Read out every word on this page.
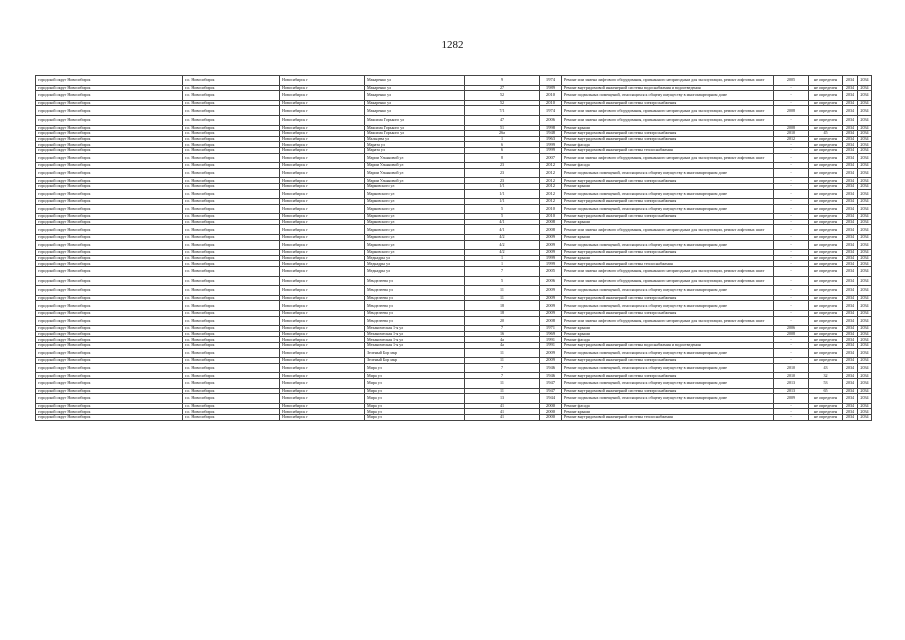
1282
городской округ Новосибирск	г.о. Новосибирск	Новосибирск г	Макаренко ул	9	1974	Ремонт или замена лифтового оборудования, признанного непригодным для эксплуатации, ремонт лифтовых шахт	2005	не определен	2034	2034
городской округ Новосибирск	г.о. Новосибирск	Новосибирск г	Макаренко ул	27	1989	Ремонт внутридомовой инженерной системы водоснабжения и водоотведения	-	не определен	2034	2034
городской округ Новосибирск	г.о. Новосибирск	Новосибирск г	Макаренко ул	52	2010	Ремонт подвальных помещений, относящихся к общему имуществу в многоквартирном доме	-	не определен	2034	2034
городской округ Новосибирск	г.о. Новосибирск	Новосибирск г	Макаренко ул	52	2010	Ремонт внутридомовой инженерной системы электроснабжения	-	не определен	2034	2034
городской округ Новосибирск	г.о. Новосибирск	Новосибирск г	Макаренко ул	7/1	1974	Ремонт или замена лифтового оборудования, признанного непригодным для эксплуатации, ремонт лифтовых шахт	2008	не определен	2034	2034
городской округ Новосибирск	г.о. Новосибирск	Новосибирск г	Максима Горького ул	47	2006	Ремонт или замена лифтового оборудования, признанного непригодным для эксплуатации, ремонт лифтовых шахт	-	не определен	2034	2034
городской округ Новосибирск	г.о. Новосибирск	Новосибирск г	Максима Горького ул	51	1998	Ремонт крыши	2008	не определен	2034	2034
городской округ Новосибирск	г.о. Новосибирск	Новосибирск г	Максима Горького ул	26а	1948	Ремонт внутридомовой инженерной системы электроснабжения	2010	45	2034	2034
городской округ Новосибирск	г.о. Новосибирск	Новосибирск г	Мальцева ул	1	1963	Ремонт внутридомовой инженерной системы электроснабжения	2012	не определен	2034	2034
городской округ Новосибирск	г.о. Новосибирск	Новосибирск г	Марата ул	6	1999	Ремонт фасада	-	не определен	2034	2034
городской округ Новосибирск	г.о. Новосибирск	Новосибирск г	Марата ул	6	1999	Ремонт внутридомовой инженерной системы теплоснабжения	-	не определен	2034	2034
городской округ Новосибирск	г.о. Новосибирск	Новосибирск г	Марии Ульяновой ул	8	2007	Ремонт или замена лифтового оборудования, признанного непригодным для эксплуатации, ремонт лифтовых шахт	-	не определен	2034	2034
городской округ Новосибирск	г.о. Новосибирск	Новосибирск г	Марии Ульяновой ул	23	2012	Ремонт фасада	-	не определен	2034	2034
городской округ Новосибирск	г.о. Новосибирск	Новосибирск г	Марии Ульяновой ул	23	2012	Ремонт подвальных помещений, относящихся к общему имуществу в многоквартирном доме	-	не определен	2034	2034
городской округ Новосибирск	г.о. Новосибирск	Новосибирск г	Марии Ульяновой ул	23	2012	Ремонт внутридомовой инженерной системы электроснабжения	-	не определен	2034	2034
городской округ Новосибирск	г.о. Новосибирск	Новосибирск г	Марковского ул	1/1	2012	Ремонт крыши	-	не определен	2034	2034
городской округ Новосибирск	г.о. Новосибирск	Новосибирск г	Марковского ул	1/1	2012	Ремонт подвальных помещений, относящихся к общему имуществу в многоквартирном доме	-	не определен	2034	2034
городской округ Новосибирск	г.о. Новосибирск	Новосибирск г	Марковского ул	1/1	2012	Ремонт внутридомовой инженерной системы электроснабжения	-	не определен	2034	2034
городской округ Новосибирск	г.о. Новосибирск	Новосибирск г	Марковского ул	5	2010	Ремонт подвальных помещений, относящихся к общему имуществу в многоквартирном доме	-	не определен	2034	2034
городской округ Новосибирск	г.о. Новосибирск	Новосибирск г	Марковского ул	5	2010	Ремонт внутридомовой инженерной системы электроснабжения	-	не определен	2034	2034
городской округ Новосибирск	г.о. Новосибирск	Новосибирск г	Марковского ул	4/1	2008	Ремонт крыши	-	не определен	2034	2034
городской округ Новосибирск	г.о. Новосибирск	Новосибирск г	Марковского ул	4/1	2008	Ремонт или замена лифтового оборудования, признанного непригодным для эксплуатации, ремонт лифтовых шахт	-	не определен	2034	2034
городской округ Новосибирск	г.о. Новосибирск	Новосибирск г	Марковского ул	4/2	2009	Ремонт крыши	-	не определен	2034	2034
городской округ Новосибирск	г.о. Новосибирск	Новосибирск г	Марковского ул	4/2	2009	Ремонт подвальных помещений, относящихся к общему имуществу в многоквартирном доме	-	не определен	2034	2034
городской округ Новосибирск	г.о. Новосибирск	Новосибирск г	Марковского ул	4/2	2009	Ремонт внутридомовой инженерной системы электроснабжения	-	не определен	2034	2034
городской округ Новосибирск	г.о. Новосибирск	Новосибирск г	Медкадры ул	1	1999	Ремонт крыши	-	не определен	2034	2034
городской округ Новосибирск	г.о. Новосибирск	Новосибирск г	Медкадры ул	1	1999	Ремонт внутридомовой инженерной системы теплоснабжения	-	не определен	2034	2034
городской округ Новосибирск	г.о. Новосибирск	Новосибирск г	Медкадры ул	7	2005	Ремонт или замена лифтового оборудования, признанного непригодным для эксплуатации, ремонт лифтовых шахт	-	не определен	2034	2034
городской округ Новосибирск	г.о. Новосибирск	Новосибирск г	Менделеева ул	5	2006	Ремонт или замена лифтового оборудования, признанного непригодным для эксплуатации, ремонт лифтовых шахт	-	не определен	2034	2034
городской округ Новосибирск	г.о. Новосибирск	Новосибирск г	Менделеева ул	11	2009	Ремонт подвальных помещений, относящихся к общему имуществу в многоквартирном доме	-	не определен	2034	2034
городской округ Новосибирск	г.о. Новосибирск	Новосибирск г	Менделеева ул	11	2009	Ремонт внутридомовой инженерной системы электроснабжения	-	не определен	2034	2034
городской округ Новосибирск	г.о. Новосибирск	Новосибирск г	Менделеева ул	18	2009	Ремонт подвальных помещений, относящихся к общему имуществу в многоквартирном доме	-	не определен	2034	2034
городской округ Новосибирск	г.о. Новосибирск	Новосибирск г	Менделеева ул	18	2009	Ремонт внутридомовой инженерной системы электроснабжения	-	не определен	2034	2034
городской округ Новосибирск	г.о. Новосибирск	Новосибирск г	Менделеева ул	20	2008	Ремонт или замена лифтового оборудования, признанного непригодным для эксплуатации, ремонт лифтовых шахт	-	не определен	2034	2034
городской округ Новосибирск	г.о. Новосибирск	Новосибирск г	Механическая 1-я ул	7	1971	Ремонт крыши	2006	не определен	2034	2034
городской округ Новосибирск	г.о. Новосибирск	Новосибирск г	Механическая 1-я ул	16	1969	Ремонт крыши	2008	не определен	2034	2034
городской округ Новосибирск	г.о. Новосибирск	Новосибирск г	Механическая 1-я ул	4а	1991	Ремонт фасада	-	не определен	2034	2034
городской округ Новосибирск	г.о. Новосибирск	Новосибирск г	Механическая 1-я ул	4а	1991	Ремонт внутридомовой инженерной системы водоснабжения и водоотведения	-	не определен	2034	2034
городской округ Новосибирск	г.о. Новосибирск	Новосибирск г	Зеленый Бор мкр	11	2009	Ремонт подвальных помещений, относящихся к общему имуществу в многоквартирном доме	-	не определен	2034	2034
городской округ Новосибирск	г.о. Новосибирск	Новосибирск г	Зеленый Бор мкр	11	2009	Ремонт внутридомовой инженерной системы электроснабжения	-	не определен	2034	2034
городской округ Новосибирск	г.о. Новосибирск	Новосибирск г	Мира ул	7	1946	Ремонт подвальных помещений, относящихся к общему имуществу в многоквартирном доме	2010	43	2034	2034
городской округ Новосибирск	г.о. Новосибирск	Новосибирск г	Мира ул	7	1946	Ремонт внутридомовой инженерной системы электроснабжения	2010	32	2034	2034
городской округ Новосибирск	г.о. Новосибирск	Новосибирск г	Мира ул	11	1947	Ремонт подвальных помещений, относящихся к общему имуществу в многоквартирном доме	2013	53	2034	2034
городской округ Новосибирск	г.о. Новосибирск	Новосибирск г	Мира ул	11	1947	Ремонт внутридомовой инженерной системы электроснабжения	2013	65	2034	2034
городской округ Новосибирск	г.о. Новосибирск	Новосибирск г	Мира ул	13	1944	Ремонт подвальных помещений, относящихся к общему имуществу в многоквартирном доме	2009	не определен	2034	2034
городской округ Новосибирск	г.о. Новосибирск	Новосибирск г	Мира ул	41	2000	Ремонт фасада	-	не определен	2034	2034
городской округ Новосибирск	г.о. Новосибирск	Новосибирск г	Мира ул	41	2000	Ремонт крыши	-	не определен	2034	2034
городской округ Новосибирск	г.о. Новосибирск	Новосибирск г	Мира ул	41	2000	Ремонт внутридомовой инженерной системы теплоснабжения	-	не определен	2034	2034
